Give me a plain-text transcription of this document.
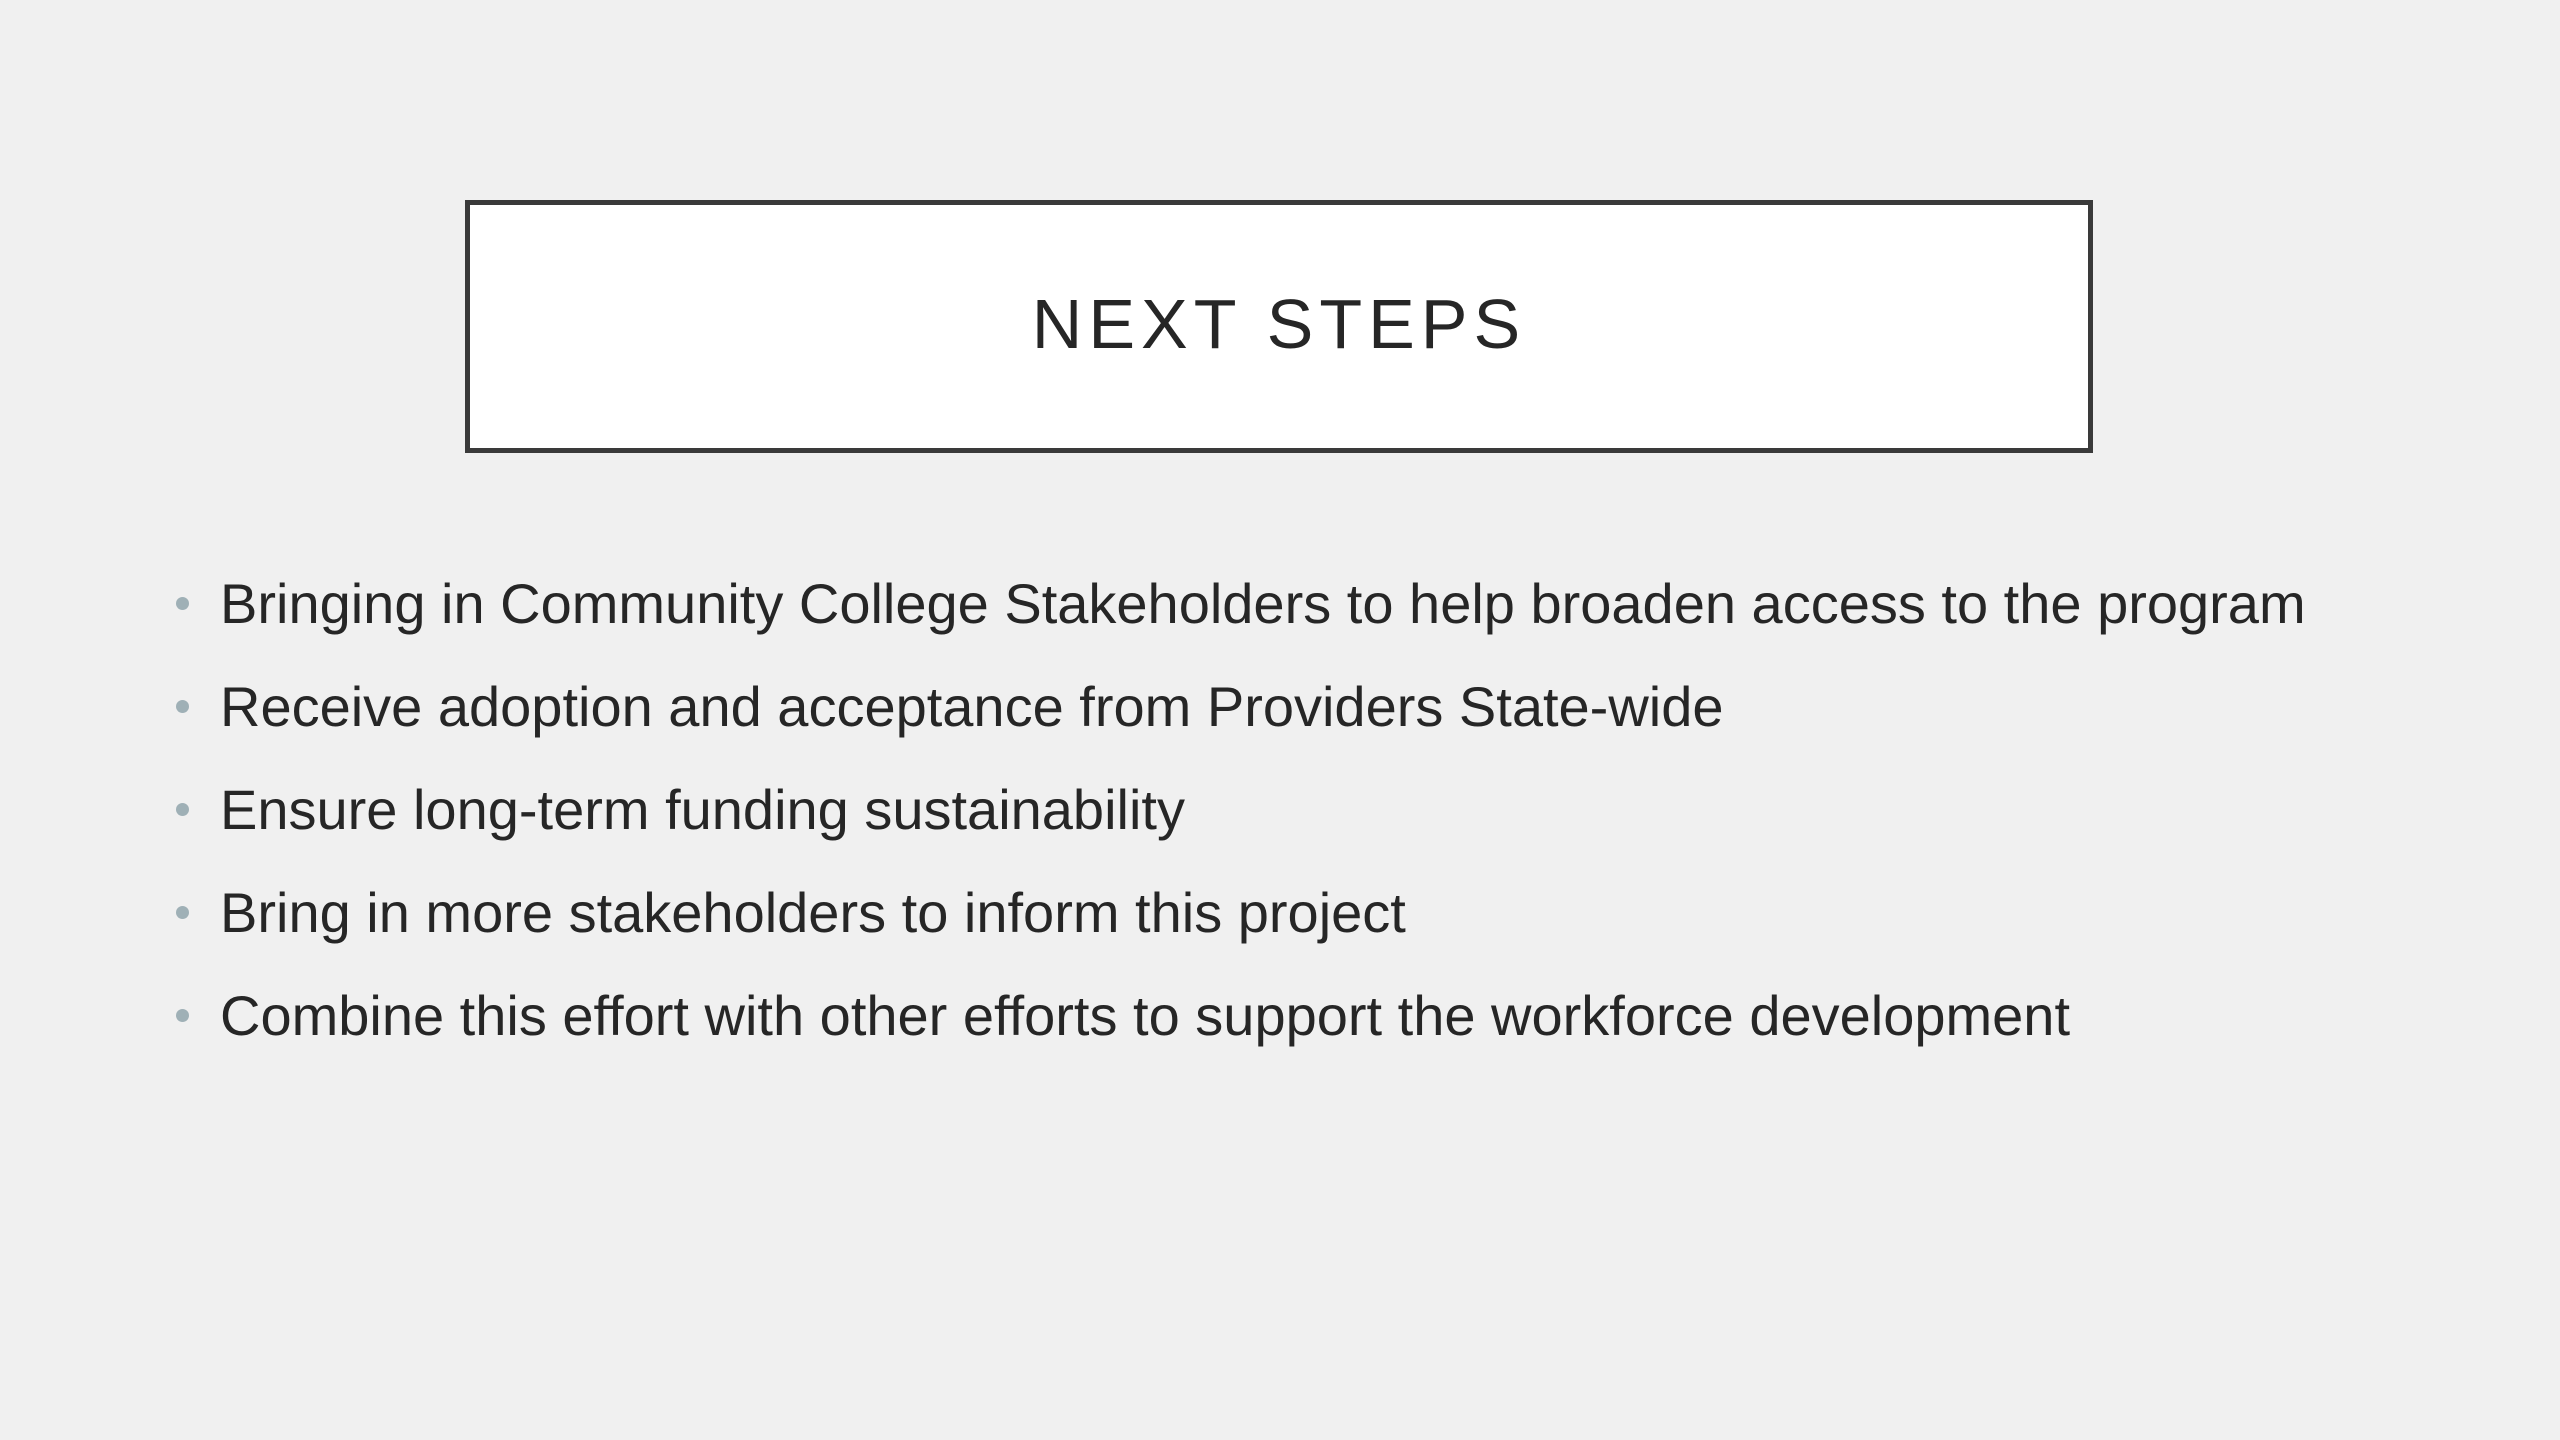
NEXT STEPS
Bringing in Community College Stakeholders to help broaden access to the program
Receive adoption and acceptance from Providers State-wide
Ensure long-term funding sustainability
Bring in more stakeholders to inform this project
Combine this effort with other efforts to support the workforce development
